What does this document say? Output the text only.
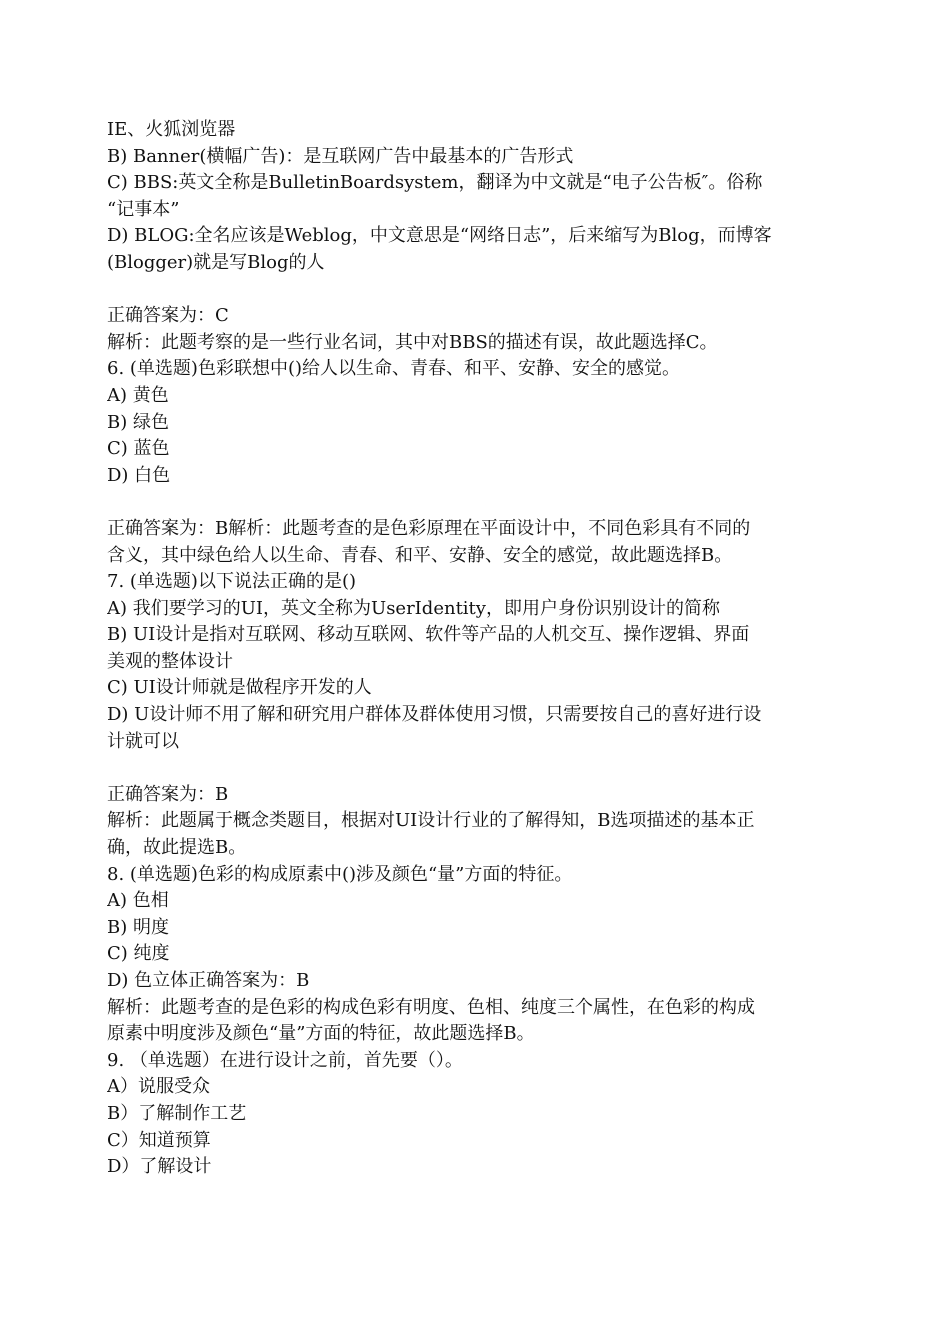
IE、火狐浏览器
B) Banner(横幅广告)：是互联网广告中最基本的广告形式
C) BBS:英文全称是BulletinBoardsystem，翻译为中文就是“电子公告板″。俗称
“记事本”
D) BLOG:全名应该是Weblog，中文意思是“网络日志”，后来缩写为Blog，而博客
(Blogger)就是写Blog的人
正确答案为：C
解析：此题考察的是一些行业名词，其中对BBS的描述有误，故此题选择C。
6. (单选题)色彩联想中()给人以生命、青春、和平、安静、安全的感觉。
A) 黄色
B) 绿色
C) 蓝色
D) 白色
正确答案为：B解析：此题考查的是色彩原理在平面设计中，不同色彩具有不同的
含义，其中绿色给人以生命、青春、和平、安静、安全的感觉，故此题选择B。
7. (单选题)以下说法正确的是()
A) 我们要学习的UI，英文全称为UserIdentity，即用户身份识别设计的简称
B) UI设计是指对互联网、移动互联网、软件等产品的人机交互、操作逻辑、界面
美观的整体设计
C) UI设计师就是做程序开发的人
D) U设计师不用了解和研究用户群体及群体使用习惯，只需要按自己的喜好进行设
计就可以
正确答案为：B
解析：此题属于概念类题目，根据对UI设计行业的了解得知，B选项描述的基本正
确，故此提选B。
8. (单选题)色彩的构成原素中()涉及颜色“量”方面的特征。
A) 色相
B) 明度
C) 纯度
D) 色立体正确答案为：B
解析：此题考查的是色彩的构成色彩有明度、色相、纯度三个属性，在色彩的构成
原素中明度涉及颜色“量”方面的特征，故此题选择B。
9. （单选题）在进行设计之前，首先要（）。
A）说服受众
B）了解制作工艺
C）知道预算
D）了解设计
